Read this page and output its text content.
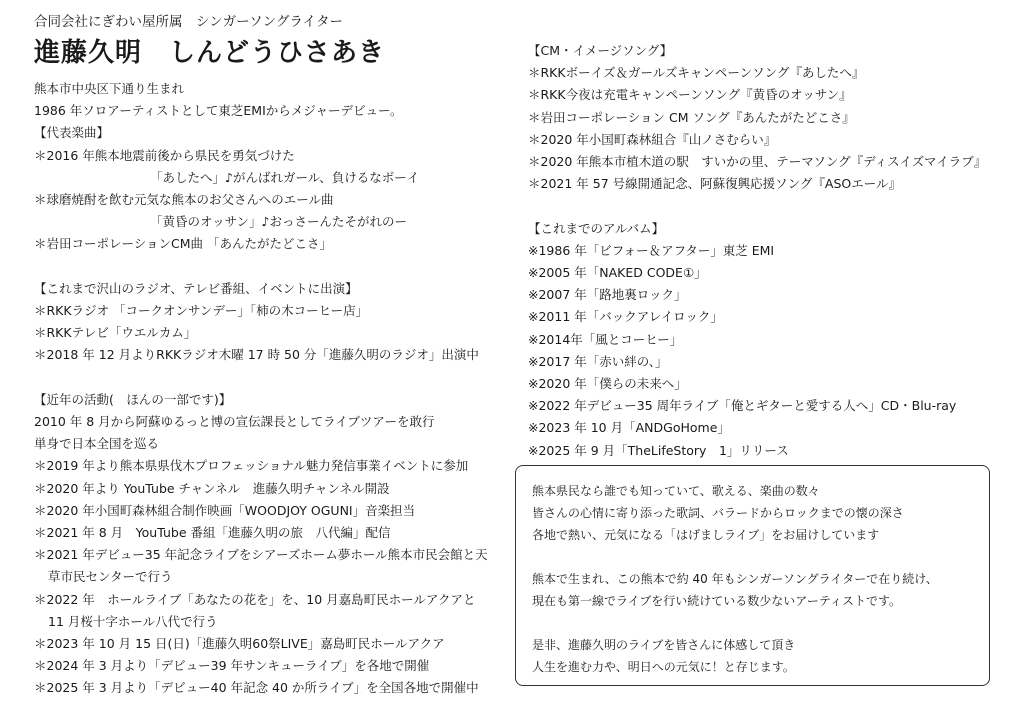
合同会社にぎわい屋所属　シンガーソングライター

進藤久明　しんどうひさあき

熊本市中央区下通り生まれ

1986 年ソロアーティストとして東芝EMIからメジャーデビュー。

【代表楽曲】

＊2016 年熊本地震前後から県民を勇気づけた

「あしたへ」♪がんばれガール、負けるなボーイ

＊球磨焼酎を飲む元気な熊本のお父さんへのエール曲

「黄昏のオッサン」♪おっさーんたそがれのー

＊岩田コーポレーションCM曲 「あんたがたどこさ」

【これまで沢山のラジオ、テレビ番組、イベントに出演】

＊RKKラジオ 「コークオンサンデー」「柿の木コーヒー店」

＊RKKテレビ「ウエルカム」

＊2018 年 12 月よりRKKラジオ木曜 17 時 50 分「進藤久明のラジオ」出演中

【近年の活動(　ほんの一部です)】

2010 年 8 月から阿蘇ゆるっと博の宣伝課長としてライブツアーを敢行

単身で日本全国を巡る

＊2019 年より熊本県県伐木プロフェッショナル魅力発信事業イベントに参加

＊2020 年より YouTube チャンネル　進藤久明チャンネル開設

＊2020 年小国町森林組合制作映画「WOODJOY OGUNI」音楽担当

＊2021 年 8 月　YouTube 番組「進藤久明の旅　八代編」配信

＊2021 年デビュー35 年記念ライブをシアーズホーム夢ホール熊本市民会館と天

草市民センターで行う

＊2022 年　ホールライブ「あなたの花を」を、10 月嘉島町民ホールアクアと

11 月桜十字ホール八代で行う

＊2023 年 10 月 15 日(日)「進藤久明60祭LIVE」嘉島町民ホールアクア

＊2024 年 3 月より「デビュー39 年サンキューライブ」を各地で開催

＊2025 年 3 月より「デビュー40 年記念 40 か所ライブ」を全国各地で開催中

【CM・イメージソング】

＊RKKボーイズ＆ガールズキャンペーンソング『あしたへ』

＊RKK今夜は充電キャンペーンソング『黄昏のオッサン』

＊岩田コーポレーション CM ソング『あんたがたどこさ』

＊2020 年小国町森林組合『山ノさむらい』

＊2020 年熊本市植木道の駅　すいかの里、テーマソング『ディスイズマイラブ』

＊2021 年 57 号線開通記念、阿蘇復興応援ソング『ASOエール』

【これまでのアルバム】

※1986 年「ビフォー＆アフター」東芝 EMI

※2005 年「NAKED CODE①」

※2007 年「路地裏ロック」

※2011 年「バックアレイロック」

※2014年「風とコーヒー」

※2017 年「赤い絆の、」

※2020 年「僕らの未来へ」

※2022 年デビュー35 周年ライブ「俺とギターと愛する人へ」CD・Blu-ray

※2023 年 10 月「ANDGoHome」

※2025 年 9 月「TheLifeStory　1」リリース

熊本県民なら誰でも知っていて、歌える、楽曲の数々

皆さんの心情に寄り添った歌詞、バラードからロックまでの懐の深さ

各地で熱い、元気になる「はげましライブ」をお届けしています

熊本で生まれ、この熊本で約 40 年もシンガーソングライターで在り続け、

現在も第一線でライブを行い続けている数少ないアーティストです。

是非、進藤久明のライブを皆さんに体感して頂き

人生を進む力や、明日への元気に！と存じます。
